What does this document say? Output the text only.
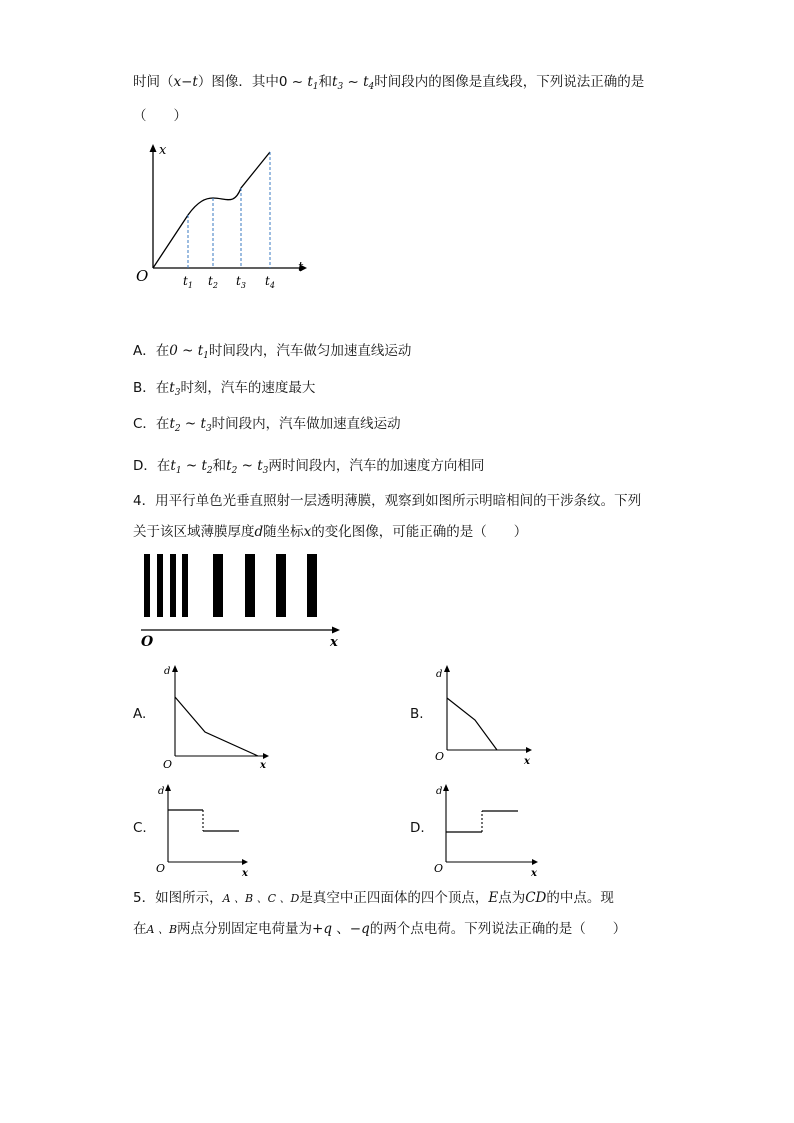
时间（x−t）图像．其中0 ~ $t_1$和$t_3$ ~ $t_4$时间段内的图像是直线段，下列说法正确的是
（　　）
x
t
O	$t_1$ $t_2$ $t_3$ $t_4$
A．在0 ~ $t_1$时间段内，汽车做匀加速直线运动
B．在$t_3$时刻，汽车的速度最大
C．在$t_2$ ~ $t_3$时间段内，汽车做加速直线运动
D．在$t_1$ ~ $t_2$和$t_2$ ~ $t_3$两时间段内，汽车的加速度方向相同
4．用平行单色光垂直照射一层透明薄膜，观察到如图所示明暗相间的干涉条纹。下列
关于该区域薄膜厚度d随坐标x的变化图像，可能正确的是（　　）
O	x
A.
d
x
O
B.
d
x
O
C.
d
x
O
D.
d
x
O
5．如图所示，A 、B 、C 、D是真空中正四面体的四个顶点，E点为CD的中点。现
在A 、B两点分别固定电荷量为+q 、−q的两个点电荷。下列说法正确的是（　　）
